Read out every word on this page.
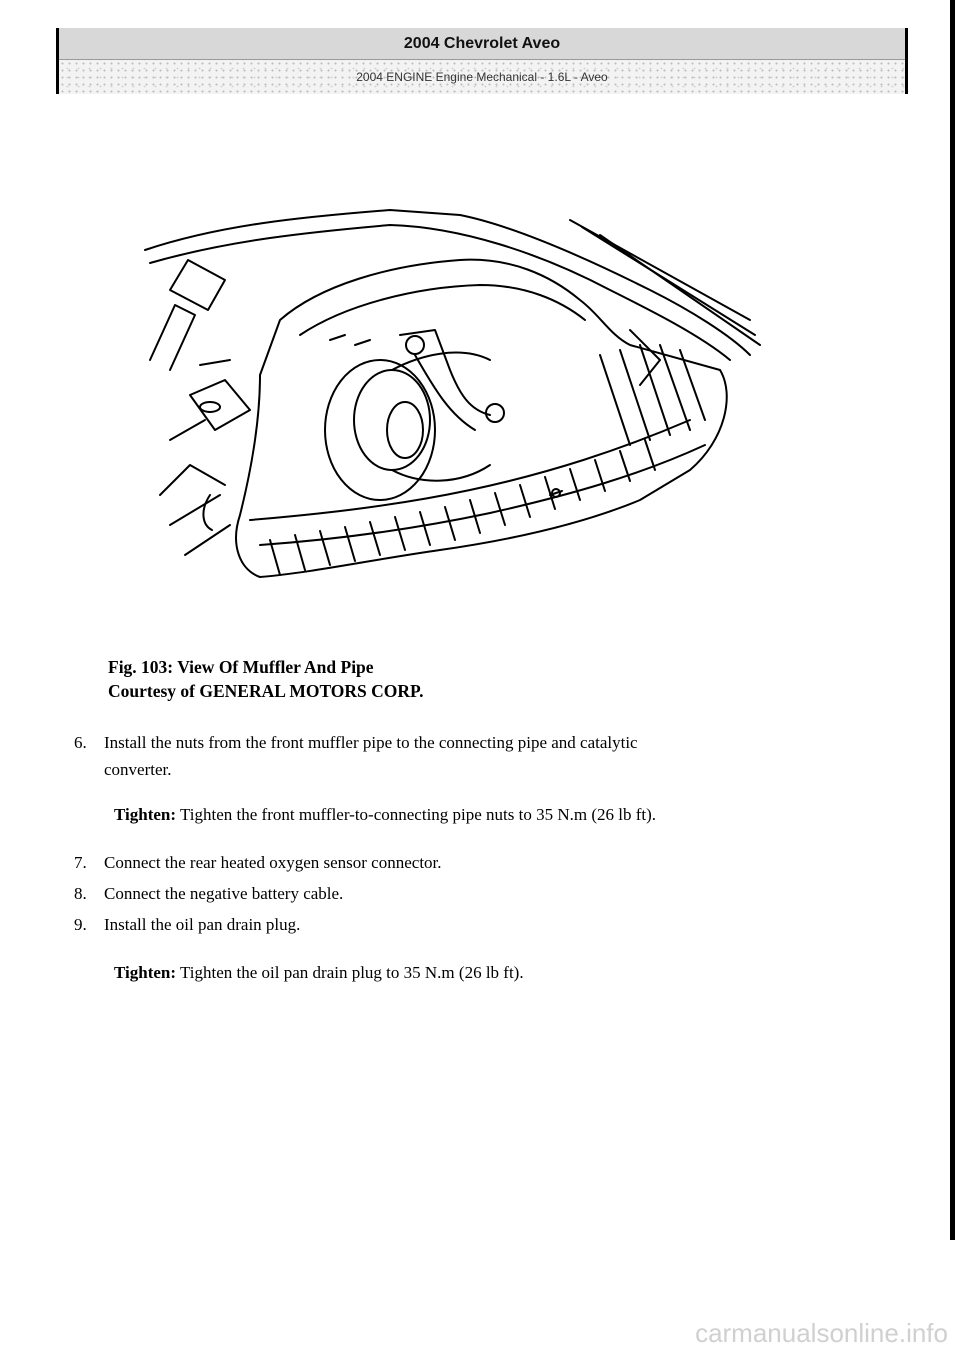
2004 Chevrolet Aveo
2004 ENGINE Engine Mechanical - 1.6L - Aveo
Fig. 103: View Of Muffler And Pipe
Courtesy of GENERAL MOTORS CORP.
6. Install the nuts from the front muffler pipe to the connecting pipe and catalytic
converter.
Tighten: Tighten the front muffler-to-connecting pipe nuts to 35 N.m (26 lb ft).
7. Connect the rear heated oxygen sensor connector.
8. Connect the negative battery cable.
9. Install the oil pan drain plug.
Tighten: Tighten the oil pan drain plug to 35 N.m (26 lb ft).
carmanualsonline.info
